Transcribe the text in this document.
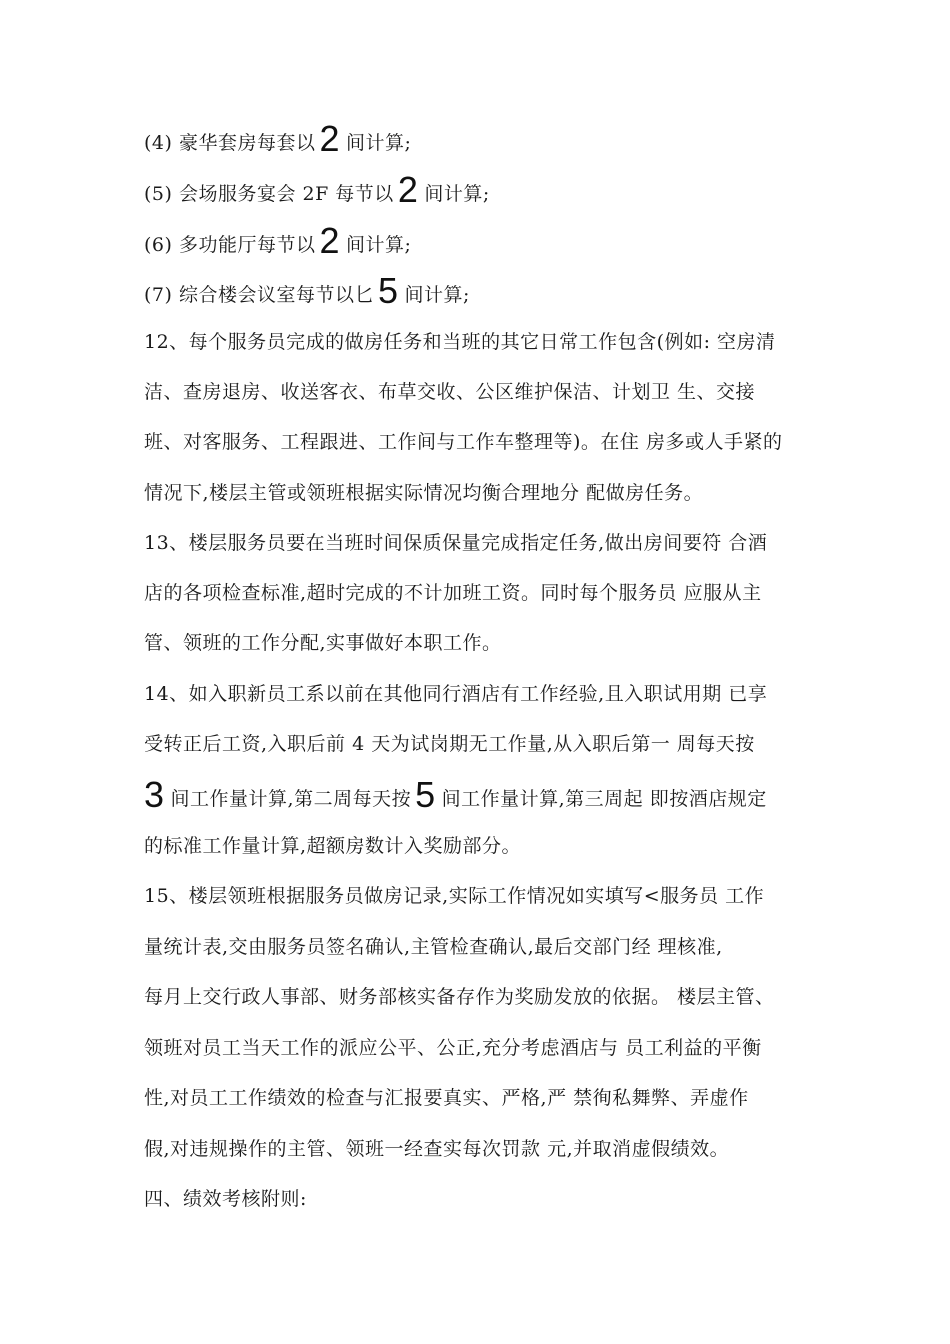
(4) 豪华套房每套以 2 间计算;
(5) 会场服务宴会 2F 每节以 2 间计算;
(6) 多功能厅每节以 2 间计算;
(7) 综合楼会议室每节以匕 5 间计算;
12、每个服务员完成的做房任务和当班的其它日常工作包含(例如: 空房清
洁、查房退房、收送客衣、布草交收、公区维护保洁、计划卫 生、交接
班、对客服务、工程跟进、工作间与工作车整理等)。在住 房多或人手紧的
情况下,楼层主管或领班根据实际情况均衡合理地分 配做房任务。
13、楼层服务员要在当班时间保质保量完成指定任务,做出房间要符 合酒
店的各项检查标准,超时完成的不计加班工资。同时每个服务员 应服从主
管、领班的工作分配,实事做好本职工作。
14、如入职新员工系以前在其他同行酒店有工作经验,且入职试用期 已享
受转正后工资,入职后前 4 天为试岗期无工作量,从入职后第一 周每天按
3 间工作量计算,第二周每天按 5 间工作量计算,第三周起 即按酒店规定
的标准工作量计算,超额房数计入奖励部分。
15、楼层领班根据服务员做房记录,实际工作情况如实填写<服务员 工作
量统计表,交由服务员签名确认,主管检查确认,最后交部门经 理核准,
每月上交行政人事部、财务部核实备存作为奖励发放的依据。 楼层主管、
领班对员工当天工作的派应公平、公正,充分考虑酒店与 员工利益的平衡
性,对员工工作绩效的检查与汇报要真实、严格,严 禁徇私舞弊、弄虚作
假,对违规操作的主管、领班一经查实每次罚款 元,并取消虚假绩效。
四、绩效考核附则:
